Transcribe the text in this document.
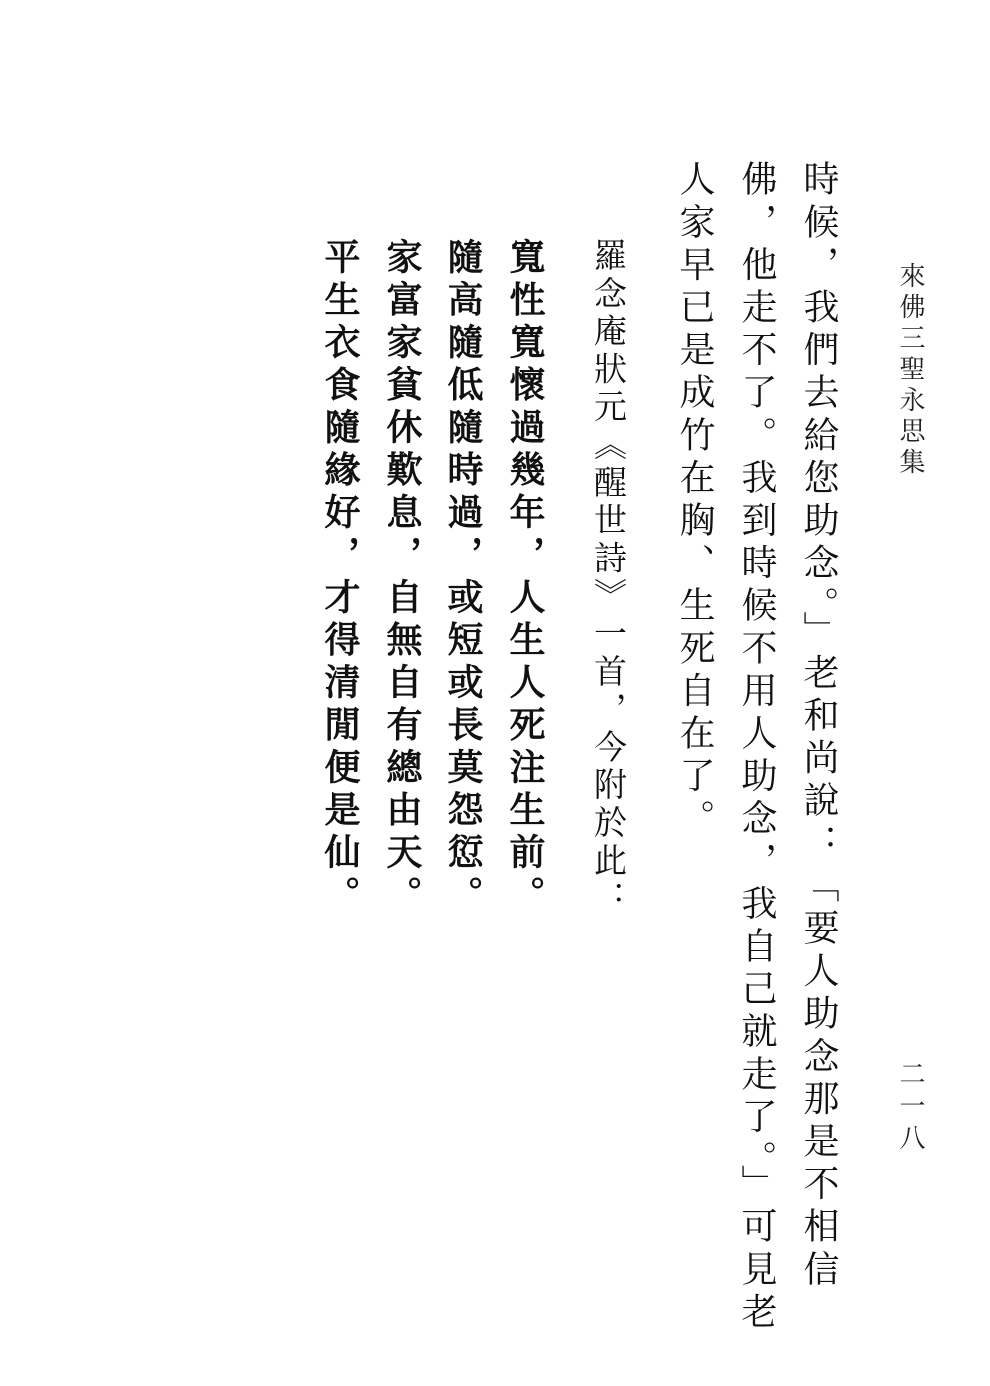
來佛三聖永思集
二一八
時候，我們去給您助念。」老和尚說：「要人助念那是不相信
佛，他走不了。我到時候不用人助念，我自己就走了。」可見老
人家早已是成竹在胸、生死自在了。
羅念庵狀元《醒世詩》一首，今附於此：
寬性寬懷過幾年，人生人死注生前。
隨高隨低隨時過，或短或長莫怨愆。
家富家貧休歎息，自無自有總由天。
平生衣食隨緣好，才得清閒便是仙。
